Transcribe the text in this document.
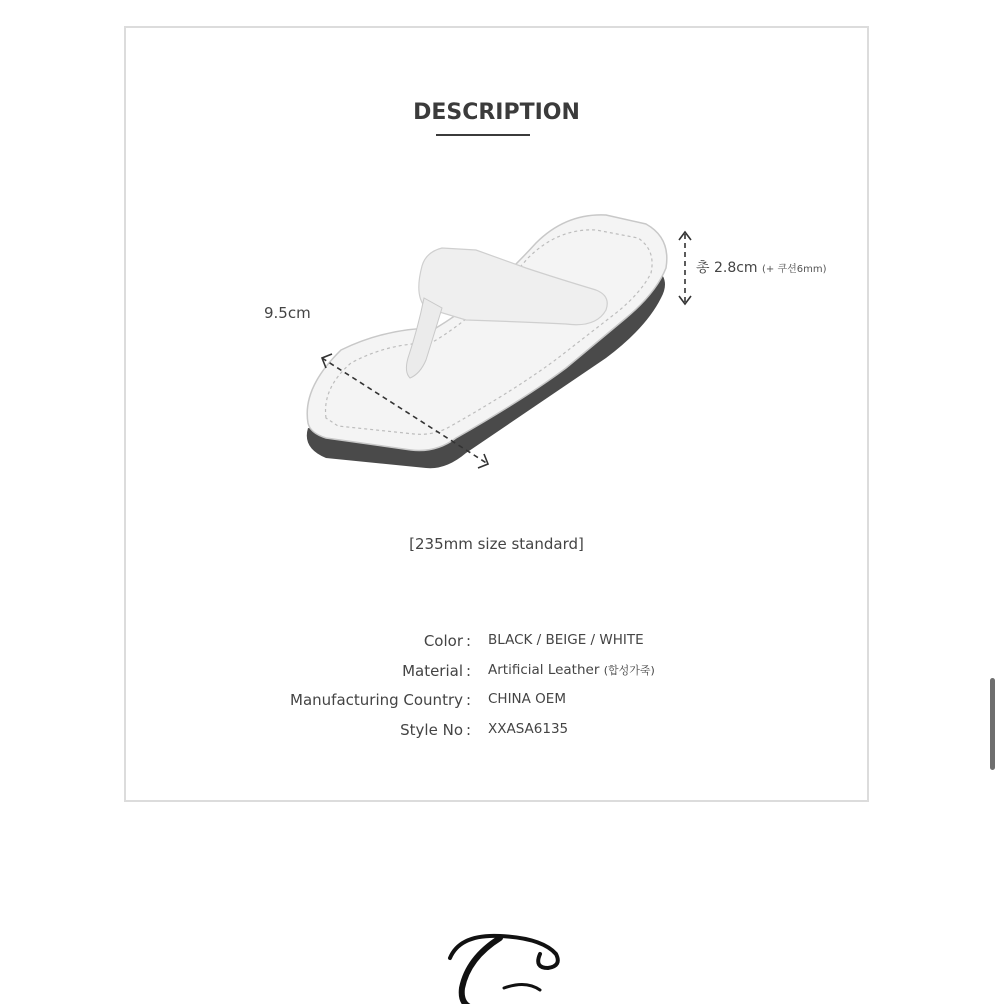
DESCRIPTION
9.5cm
총 2.8cm (+ 쿠션6mm)
[235mm size standard]
Color : BLACK / BEIGE / WHITE
Material : Artificial Leather (합성가죽)
Manufacturing Country : CHINA OEM
Style No : XXASA6135
